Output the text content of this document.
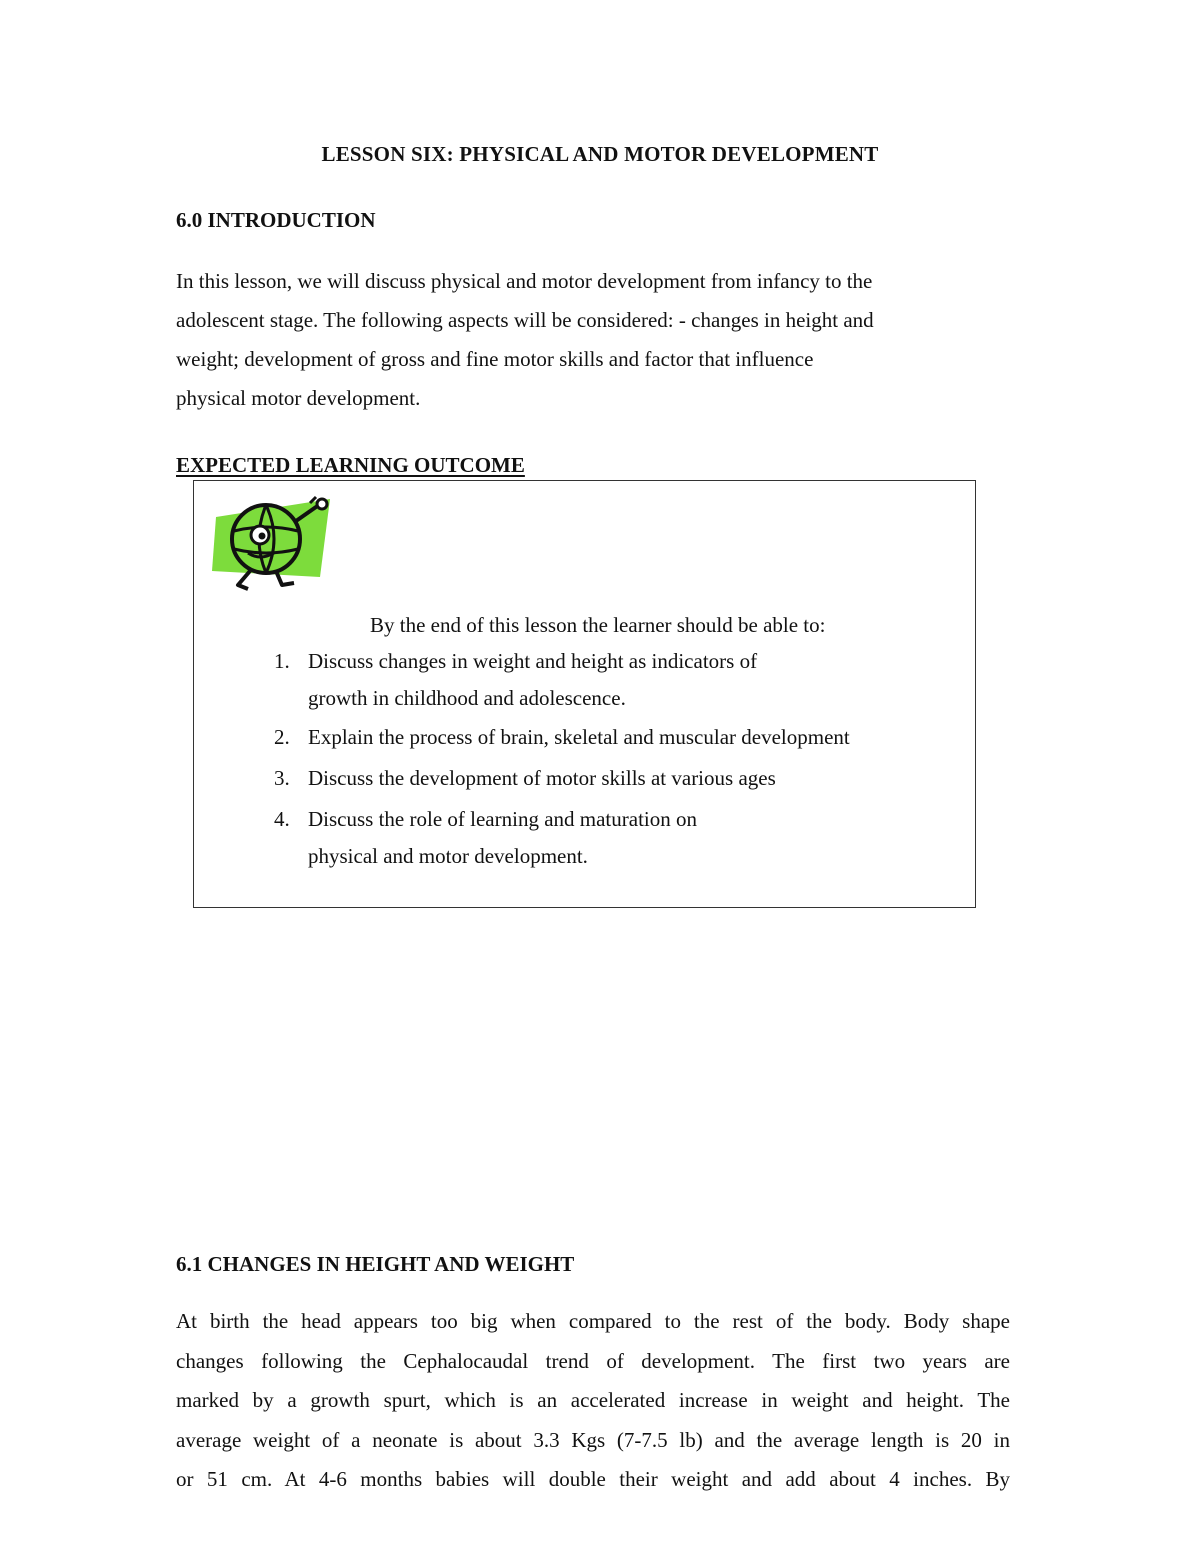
LESSON SIX: PHYSICAL AND MOTOR DEVELOPMENT
6.0 INTRODUCTION
In this lesson, we will discuss physical and motor development from infancy to the
adolescent stage. The following aspects will be considered: - changes in height and
weight; development of gross and fine motor skills and factor that influence
physical motor development.
EXPECTED LEARNING OUTCOME
By the end of this lesson the learner should be able to:
1. Discuss changes in weight and height as indicators of
growth in childhood and adolescence.
2. Explain the process of brain, skeletal and muscular development
3. Discuss the development of motor skills at various ages
4. Discuss the role of learning and maturation on
physical and motor development.
6.1 CHANGES IN HEIGHT AND WEIGHT
At birth the head appears too big when compared to the rest of the body. Body shape
changes following the Cephalocaudal trend of development. The first two years are
marked by a growth spurt, which is an accelerated increase in weight and height. The
average weight of a neonate is about 3.3 Kgs (7-7.5 lb) and the average length is 20 in
or 51 cm. At 4-6 months babies will double their weight and add about 4 inches. By
